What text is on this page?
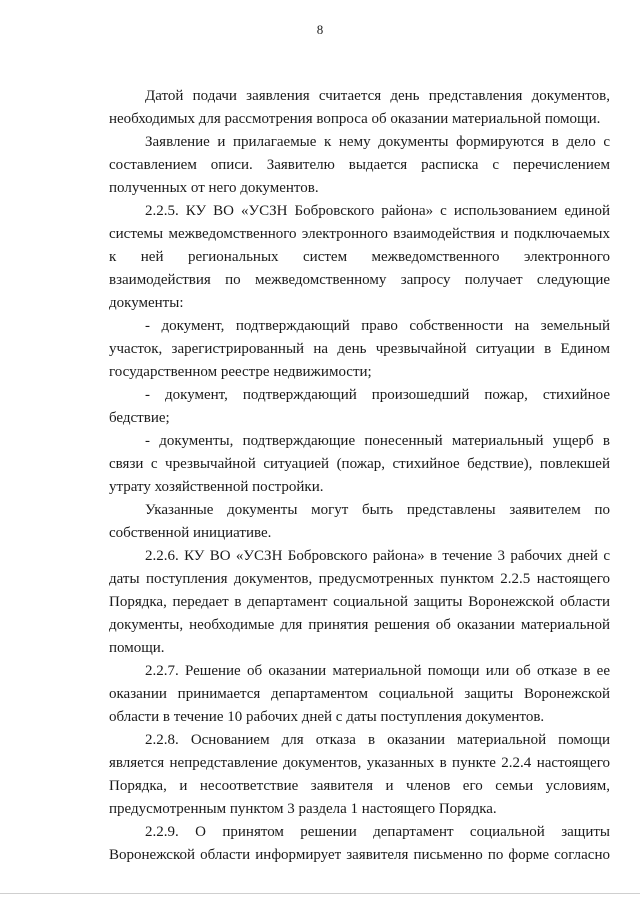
8
Датой подачи заявления считается день представления документов,
необходимых для рассмотрения вопроса об оказании материальной помощи.
Заявление и прилагаемые к нему документы формируются в дело с
составлением описи. Заявителю выдается расписка с перечислением
полученных от него документов.
2.2.5. КУ ВО «УСЗН Бобровского района» с использованием единой
системы межведомственного электронного взаимодействия и подключаемых
к ней региональных систем межведомственного электронного
взаимодействия по межведомственному запросу получает следующие
документы:
- документ, подтверждающий право собственности на земельный
участок, зарегистрированный на день чрезвычайной ситуации в Едином
государственном реестре недвижимости;
- документ, подтверждающий произошедший пожар, стихийное
бедствие;
- документы, подтверждающие понесенный материальный ущерб в
связи с чрезвычайной ситуацией (пожар, стихийное бедствие), повлекшей
утрату хозяйственной постройки.
Указанные документы могут быть представлены заявителем по
собственной инициативе.
2.2.6. КУ ВО «УСЗН Бобровского района» в течение 3 рабочих дней с
даты поступления документов, предусмотренных пунктом 2.2.5 настоящего
Порядка, передает в департамент социальной защиты Воронежской области
документы, необходимые для принятия решения об оказании материальной
помощи.
2.2.7. Решение об оказании материальной помощи или об отказе в ее
оказании принимается департаментом социальной защиты Воронежской
области в течение 10 рабочих дней с даты поступления документов.
2.2.8. Основанием для отказа в оказании материальной помощи
является непредставление документов, указанных в пункте 2.2.4 настоящего
Порядка, и несоответствие заявителя и членов его семьи условиям,
предусмотренным пунктом 3 раздела 1 настоящего Порядка.
2.2.9. О принятом решении департамент социальной защиты
Воронежской области информирует заявителя письменно по форме согласно
